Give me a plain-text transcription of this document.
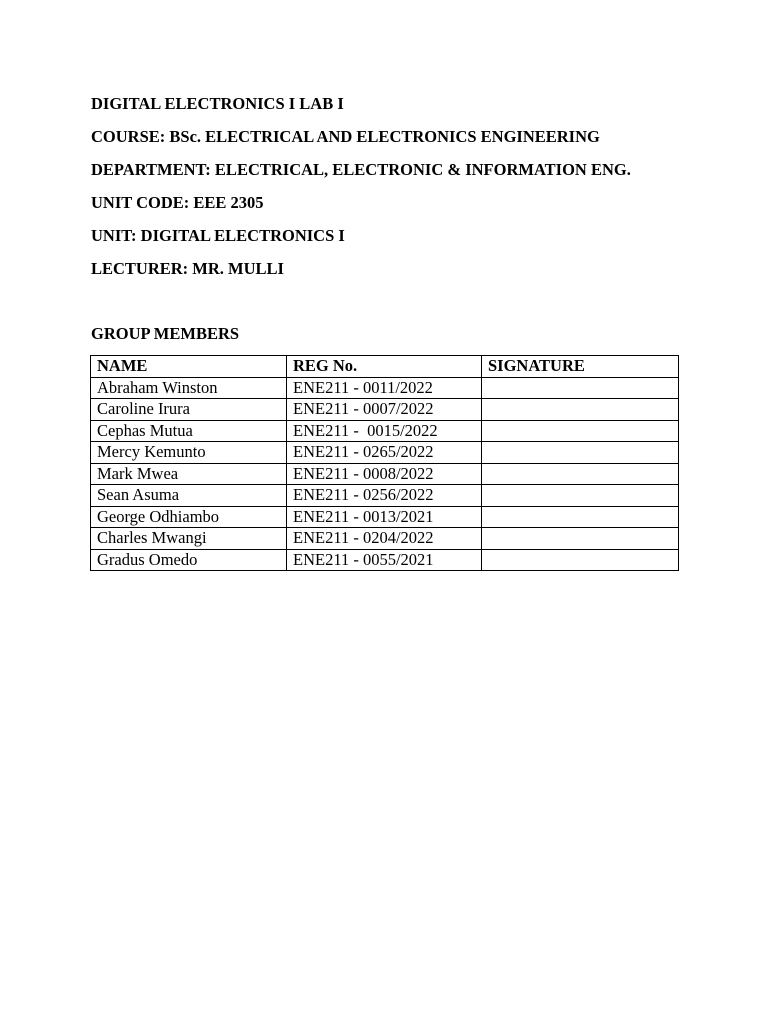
DIGITAL ELECTRONICS I LAB I

COURSE: BSc. ELECTRICAL AND ELECTRONICS ENGINEERING

DEPARTMENT: ELECTRICAL, ELECTRONIC & INFORMATION ENG.

UNIT CODE: EEE 2305

UNIT: DIGITAL ELECTRONICS I

LECTURER: MR. MULLI

GROUP MEMBERS

NAME	REG No.	SIGNATURE
Abraham Winston	ENE211 - 0011/2022	
Caroline Irura	ENE211 - 0007/2022	
Cephas Mutua	ENE211 -  0015/2022	
Mercy Kemunto	ENE211 - 0265/2022	
Mark Mwea	ENE211 - 0008/2022	
Sean Asuma	ENE211 - 0256/2022	
George Odhiambo	ENE211 - 0013/2021	
Charles Mwangi	ENE211 - 0204/2022	
Gradus Omedo	ENE211 - 0055/2021	
